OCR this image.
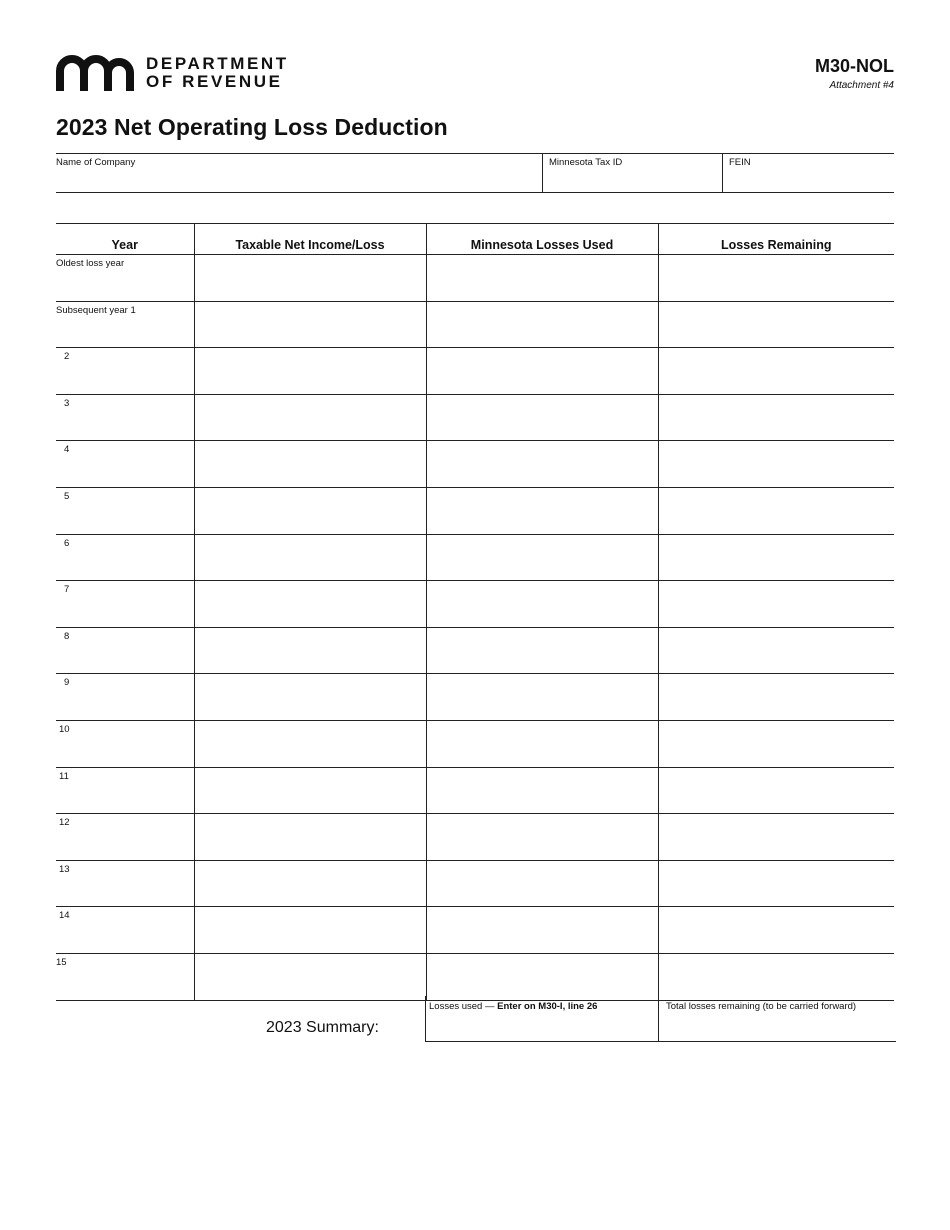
DEPARTMENT
OF REVENUE
M30-NOL
Attachment #4
2023 Net Operating Loss Deduction
Name of Company	Minnesota Tax ID	FEIN
Year	Taxable Net Income/Loss	Minnesota Losses Used	Losses Remaining

Oldest loss year

Subsequent year 1

2

3

4

5

6

7

8

9

10

11

12

13

14

15

2023 Summary:
Losses used — Enter on M30-I, line 26	Total losses remaining (to be carried forward)
